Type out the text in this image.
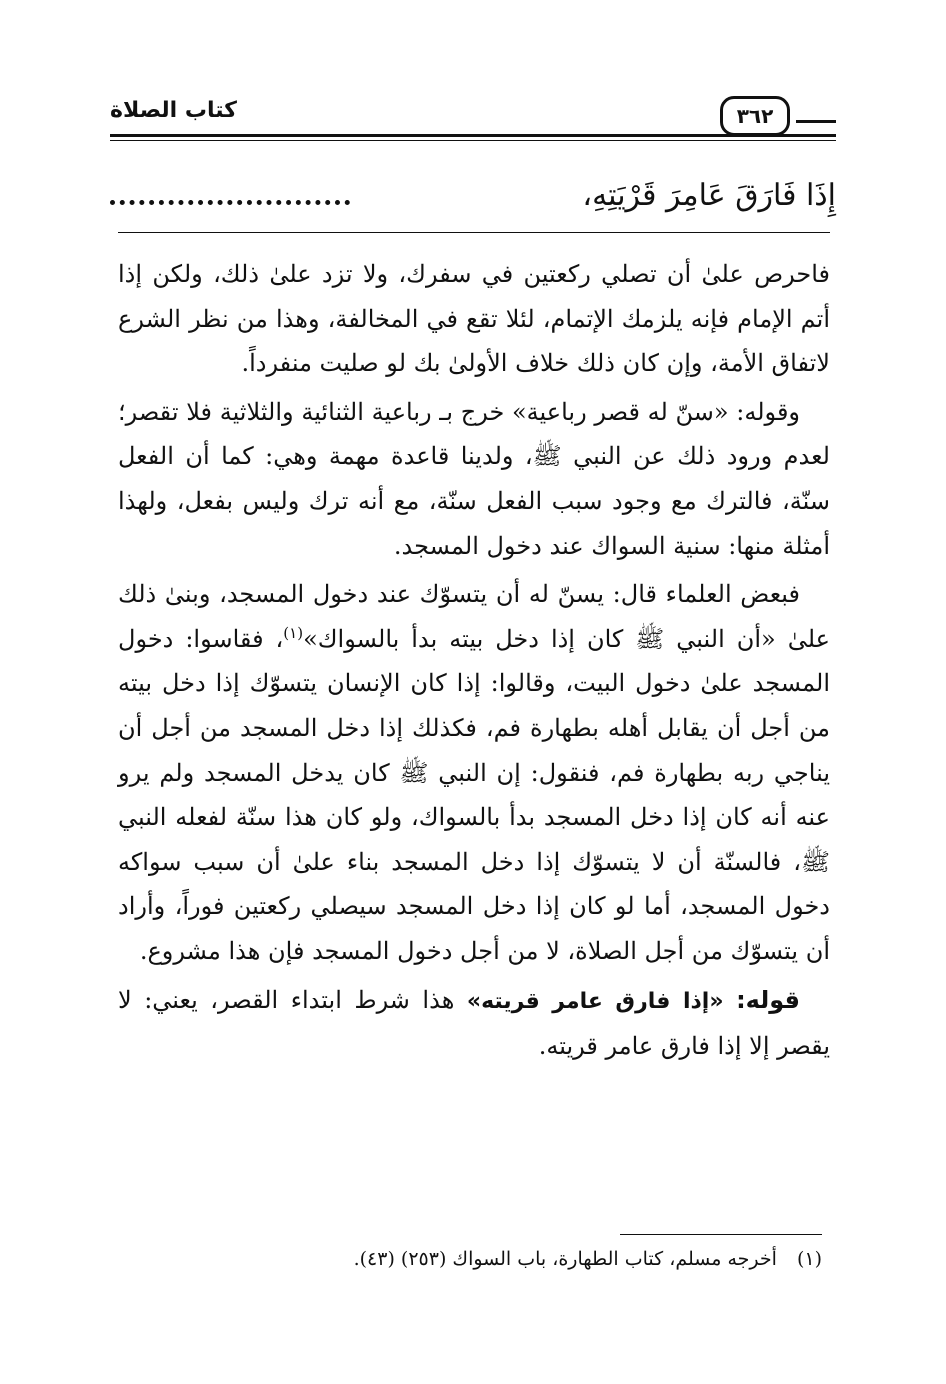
كتاب الصلاة	٣٦٢
إِذَا فَارَقَ عَامِرَ قَرْيَتِهِ،

فاحرص علىٰ أن تصلي ركعتين في سفرك، ولا تزد علىٰ ذلك، ولكن إذا أتم الإمام فإنه يلزمك الإتمام، لئلا تقع في المخالفة، وهذا من نظر الشرع لاتفاق الأمة، وإن كان ذلك خلاف الأولىٰ بك لو صليت منفرداً.

وقوله: «سنّ له قصر رباعية» خرج بـ رباعية الثنائية والثلاثية فلا تقصر؛ لعدم ورود ذلك عن النبي ﷺ، ولدينا قاعدة مهمة وهي: كما أن الفعل سنّة، فالترك مع وجود سبب الفعل سنّة، مع أنه ترك وليس بفعل، ولهذا أمثلة منها: سنية السواك عند دخول المسجد.

فبعض العلماء قال: يسنّ له أن يتسوّك عند دخول المسجد، وبنىٰ ذلك علىٰ «أن النبي ﷺ كان إذا دخل بيته بدأ بالسواك»$^{(١)}$، فقاسوا: دخول المسجد علىٰ دخول البيت، وقالوا: إذا كان الإنسان يتسوّك إذا دخل بيته من أجل أن يقابل أهله بطهارة فم، فكذلك إذا دخل المسجد من أجل أن يناجي ربه بطهارة فم، فنقول: إن النبي ﷺ كان يدخل المسجد ولم يرو عنه أنه كان إذا دخل المسجد بدأ بالسواك، ولو كان هذا سنّة لفعله النبي ﷺ، فالسنّة أن لا يتسوّك إذا دخل المسجد بناء علىٰ أن سبب سواكه دخول المسجد، أما لو كان إذا دخل المسجد سيصلي ركعتين فوراً، وأراد أن يتسوّك من أجل الصلاة، لا من أجل دخول المسجد فإن هذا مشروع.

قوله: «إذا فارق عامر قريته» هذا شرط ابتداء القصر، يعني: لا يقصر إلا إذا فارق عامر قريته.

(١) أخرجه مسلم، كتاب الطهارة، باب السواك (٢٥٣) (٤٣).
